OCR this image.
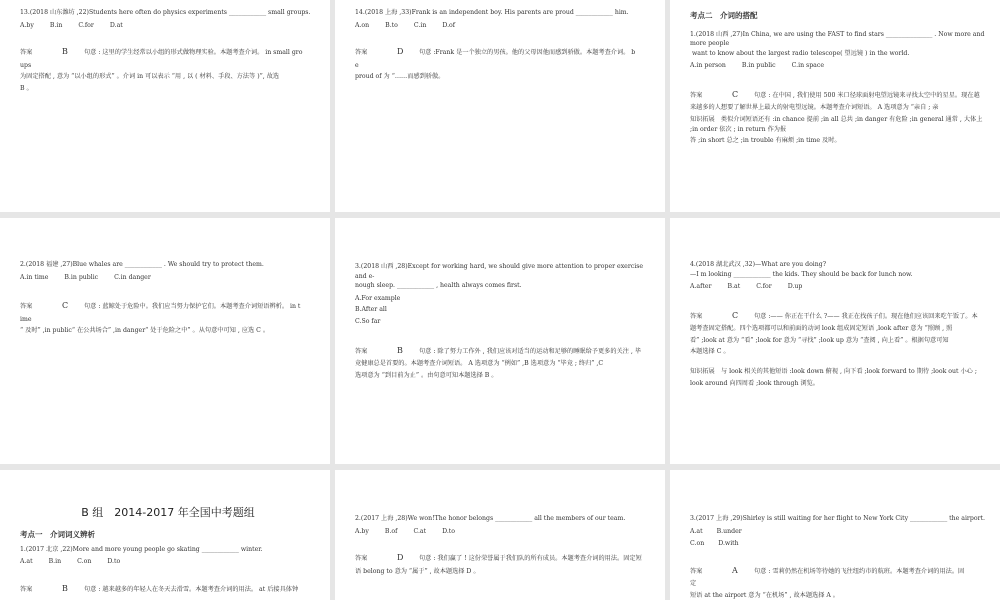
13.(2018 山东潍坊 ,22)Students here often do physics experiments ____________ small groups.
A.by	B.in	C.for	D.at
答案	B	句意 : 这里的学生经常以小组的形式做物理实验。本题考查介词。 in small gro
ups
为固定搭配 , 意为 “以小组的形式” 。介词 in 可以表示 “用 , 以 ( 材料、手段、方法等 )”, 故选
B 。
14.(2018 上海 ,33)Frank is an independent boy. His parents are proud ____________ him.
A.on	B.to	C.in	D.of
答案	D	句意 :Frank 是一个独立的男孩。他的父母因他而感到骄傲。本题考查介词。 b
e
proud of 为 “……而感到骄傲。
考点二　介词的搭配
1.(2018 山西 ,27)In China, we are using the FAST to find stars _______________ . Now more and more people
want to know about the largest radio telescope( 望远镜 ) in the world.
A.in person	B.in public	C.in space
答案	C	句意 : 在中国 , 我们使用 500 米口径球面射电望远镜来寻找太空中的星星。现在越
来越多的人想要了解世界上最大的射电望远镜。本题考查介词短语。 A 选项意为 “亲自 ; 亲
知识拓展　类似介词短语还有 :in chance 提前 ;in all 总共 ;in danger 有危险 ;in general 通常 , 大体上 ;in order 依次 ; in return 作为报
答 ;in short 总之 ;in trouble 有麻烦 ;in time 及时。
2.(2018 福建 ,27)Blue whales are ____________ . We should try to protect them.
A.in time	B.in public	C.in danger
答案	C	句意 : 蓝鲸处于危险中。我们应当努力保护它们。本题考查介词短语辨析。 in t
ime
“ 及时” ,in public“ 在公共场合” ,in danger“ 处于危险之中” 。从句意中可知 , 应选 C 。
3.(2018 山西 ,28)Except for working hard, we should give more attention to proper exercise and e-
nough sleep. ____________ , health always comes first.
A.For example
B.After all
C.So far
答案	B	句意 : 除了努力工作外 , 我们应该对适当的运动和足够的睡眠给予更多的关注 , 毕
竟健康总是首要的。本题考查介词短语。 A 选项意为 “例如” ,B 选项意为 “毕竟 ; 终归” ,C
选项意为 “到目前为止” 。由句意可知本题选择 B 。
4.(2018 湖北武汉 ,32)—What are you doing?
—I m looking ____________ the kids. They should be back for lunch now.
A.after	B.at	C.for	D.up
答案	C	句意 :—— 你正在干什么 ?—— 我正在找孩子们。现在他们应该回来吃午饭了。本
题考查固定搭配。四个选项都可以和前面的动词 look 组成固定短语 ,look after 意为 “照顾 , 照
看” ;look at 意为 “看” ;look for 意为 “寻找” ;look up 意为 “查阅 , 向上看” 。根据句意可知
本题选择 C 。
知识拓展　与 look 相关的其他短语 :look down 俯视 , 向下看 ;look forward to 期待 ;look out 小心 ;
look around 向四周看 ;look through 浏览。
B 组　2014-2017 年全国中考题组
考点一　介词词义辨析
1.(2017 北京 ,22)More and more young people go skating ____________ winter.
A.at	B.in	C.on	D.to
答案	B	句意 : 越来越多的年轻人在冬天去滑雪。本题考查介词的用法。 at 后接具体钟
2.(2017 上海 ,28)We won!The honor belongs ____________ all the members of our team.
A.by	B.of	C.at	D.to
答案	D	句意 : 我们赢了 ! 这份荣誉属于我们队的所有成员。本题考查介词的用法。固定短
语 belong to 意为 “属于” , 故本题选择 D 。
3.(2017 上海 ,29)Shirley is still waiting for her flight to New York City ____________ the airport.
A.at B.under
C.on D.with
答案	A	句意 : 雪莉仍然在机场等待她的飞往纽约市的航班。本题考查介词的用法。固
定
短语 at the airport 意为 “在机场” , 故本题选择 A 。
